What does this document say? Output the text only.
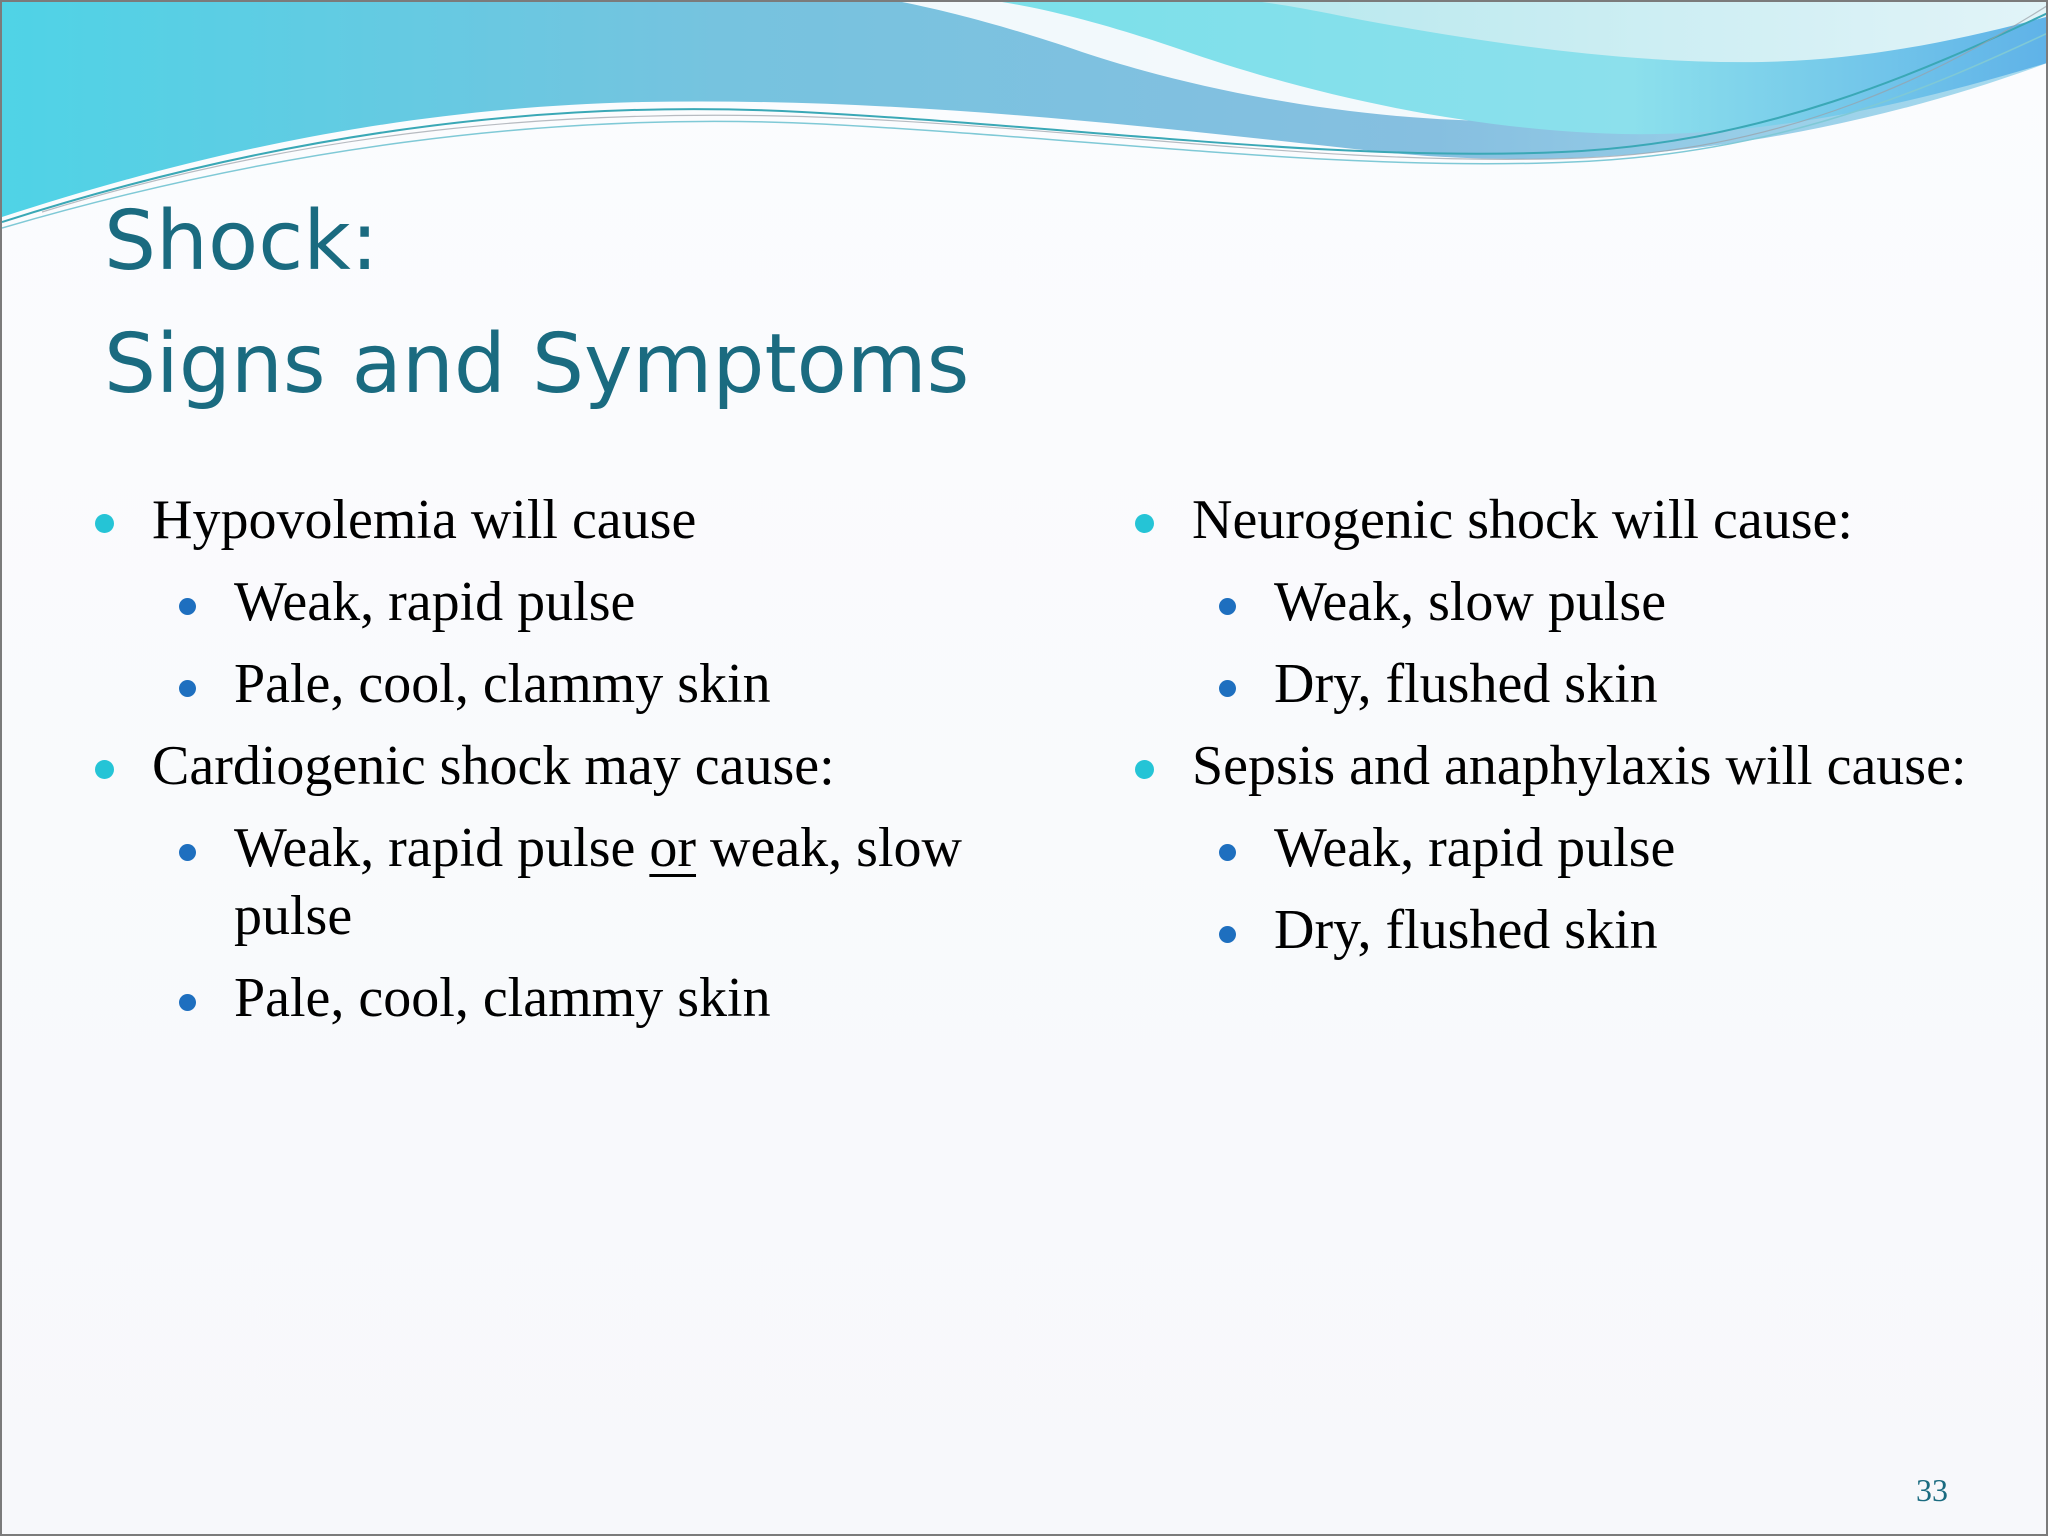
Shock:
Signs and Symptoms
Hypovolemia will cause
Weak, rapid pulse
Pale, cool, clammy skin
Cardiogenic shock may cause:
Weak, rapid pulse or weak, slow pulse
Pale, cool, clammy skin
Neurogenic shock will cause:
Weak, slow pulse
Dry, flushed skin
Sepsis and anaphylaxis will cause:
Weak, rapid pulse
Dry, flushed skin
33
